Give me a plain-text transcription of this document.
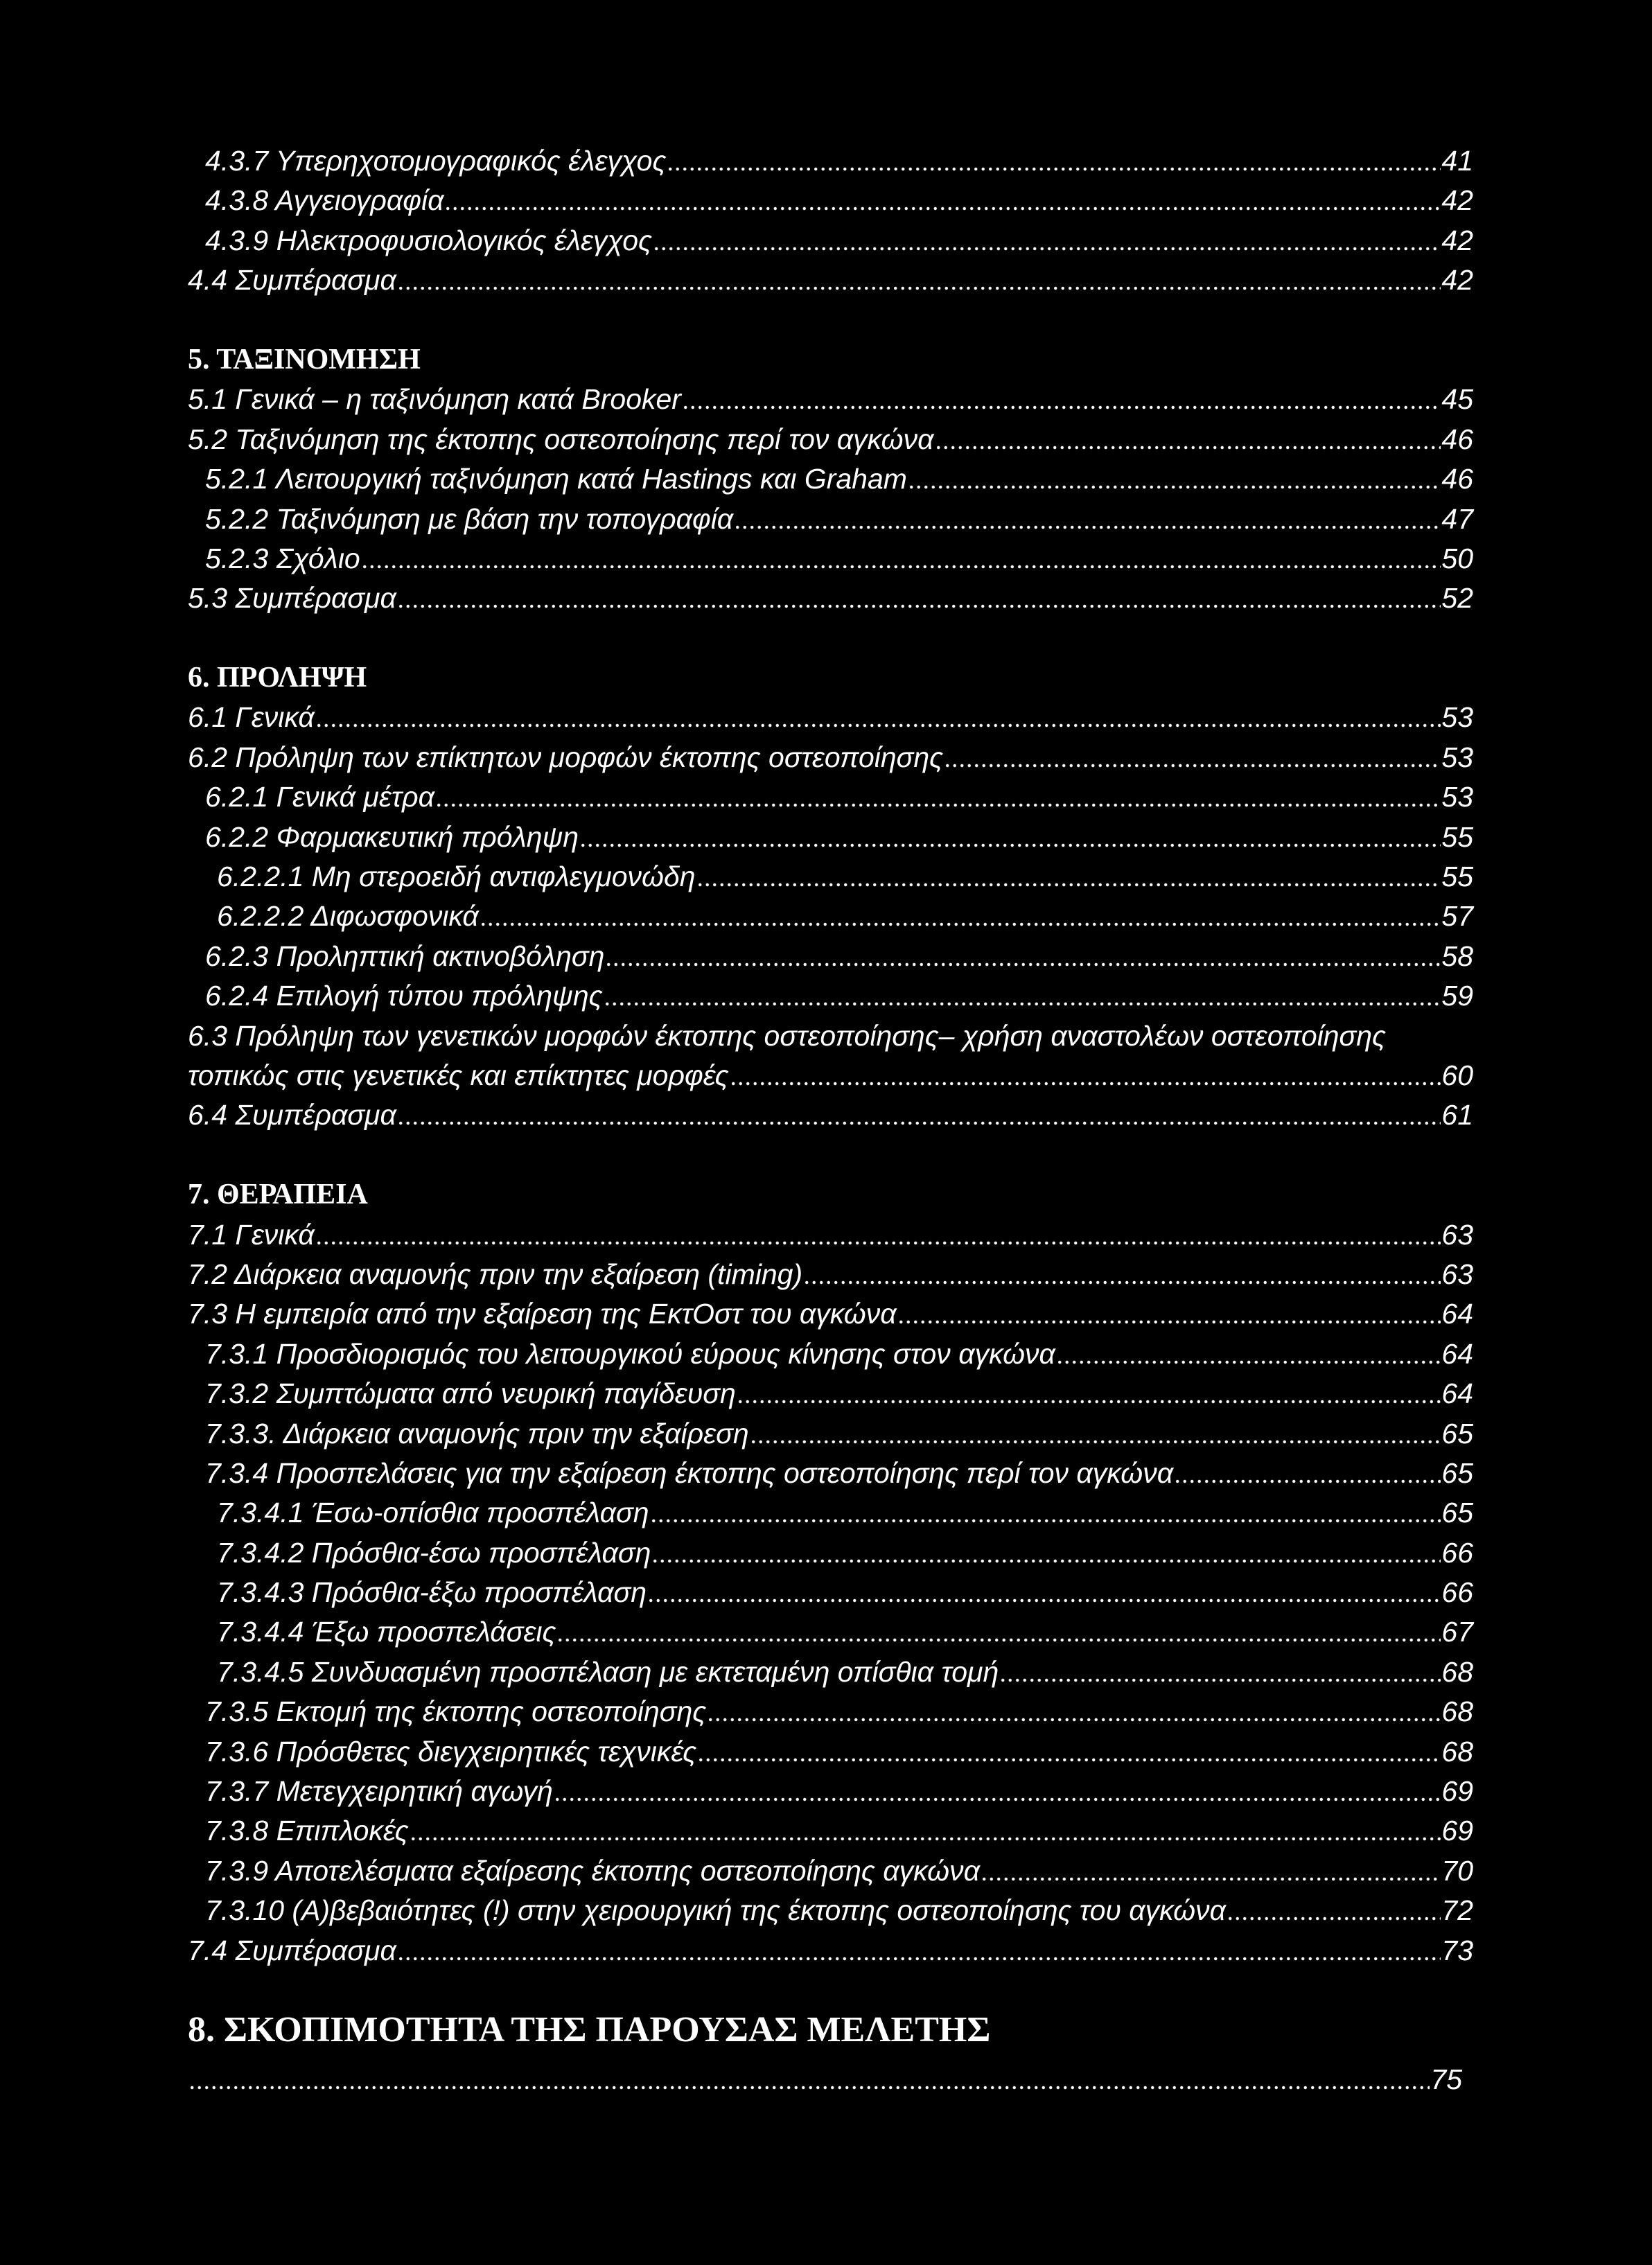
4.3.7 Υπερηχοτομογραφικός έλεγχος	41
4.3.8 Αγγειογραφία	42
4.3.9 Ηλεκτροφυσιολογικός έλεγχος	42
4.4 Συμπέρασμα	42
5. ΤΑΞΙΝΟΜΗΣΗ
5.1 Γενικά – η ταξινόμηση κατά Brooker	45
5.2 Ταξινόμηση της έκτοπης οστεοποίησης περί τον αγκώνα	46
5.2.1 Λειτουργική ταξινόμηση κατά Hastings και Graham	46
5.2.2 Ταξινόμηση με βάση την τοπογραφία	47
5.2.3 Σχόλιο	50
5.3 Συμπέρασμα	52
6. ΠΡΟΛΗΨΗ
6.1 Γενικά	53
6.2 Πρόληψη των επίκτητων μορφών έκτοπης οστεοποίησης	53
6.2.1 Γενικά μέτρα	53
6.2.2 Φαρμακευτική πρόληψη	55
6.2.2.1 Μη στεροειδή αντιφλεγμονώδη	55
6.2.2.2 Διφωσφονικά	57
6.2.3 Προληπτική ακτινοβόληση	58
6.2.4 Επιλογή τύπου πρόληψης	59
6.3 Πρόληψη των γενετικών μορφών έκτοπης οστεοποίησης– χρήση αναστολέων οστεοποίησης
τοπικώς στις γενετικές και επίκτητες μορφές	60
6.4 Συμπέρασμα	61
7. ΘΕΡΑΠΕΙΑ
7.1 Γενικά	63
7.2 Διάρκεια αναμονής πριν την εξαίρεση (timing)	63
7.3 Η εμπειρία από την εξαίρεση της ΕκτΟστ του αγκώνα	64
7.3.1 Προσδιορισμός του λειτουργικού εύρους κίνησης στον αγκώνα	64
7.3.2 Συμπτώματα από νευρική παγίδευση	64
7.3.3. Διάρκεια αναμονής πριν την εξαίρεση	65
7.3.4 Προσπελάσεις για την εξαίρεση έκτοπης οστεοποίησης περί τον αγκώνα	65
7.3.4.1 Έσω-οπίσθια προσπέλαση	65
7.3.4.2 Πρόσθια-έσω προσπέλαση	66
7.3.4.3 Πρόσθια-έξω προσπέλαση	66
7.3.4.4 Έξω προσπελάσεις	67
7.3.4.5 Συνδυασμένη προσπέλαση με εκτεταμένη οπίσθια τομή	68
7.3.5 Εκτομή της έκτοπης οστεοποίησης	68
7.3.6 Πρόσθετες διεγχειρητικές τεχνικές	68
7.3.7 Μετεγχειρητική αγωγή	69
7.3.8 Επιπλοκές	69
7.3.9 Αποτελέσματα εξαίρεσης έκτοπης οστεοποίησης αγκώνα	70
7.3.10 (Α)βεβαιότητες (!) στην χειρουργική της έκτοπης οστεοποίησης του αγκώνα	72
7.4 Συμπέρασμα	73
8. ΣΚΟΠΙΜΟΤΗΤΑ ΤΗΣ ΠΑΡΟΥΣΑΣ ΜΕΛΕΤΗΣ
75
